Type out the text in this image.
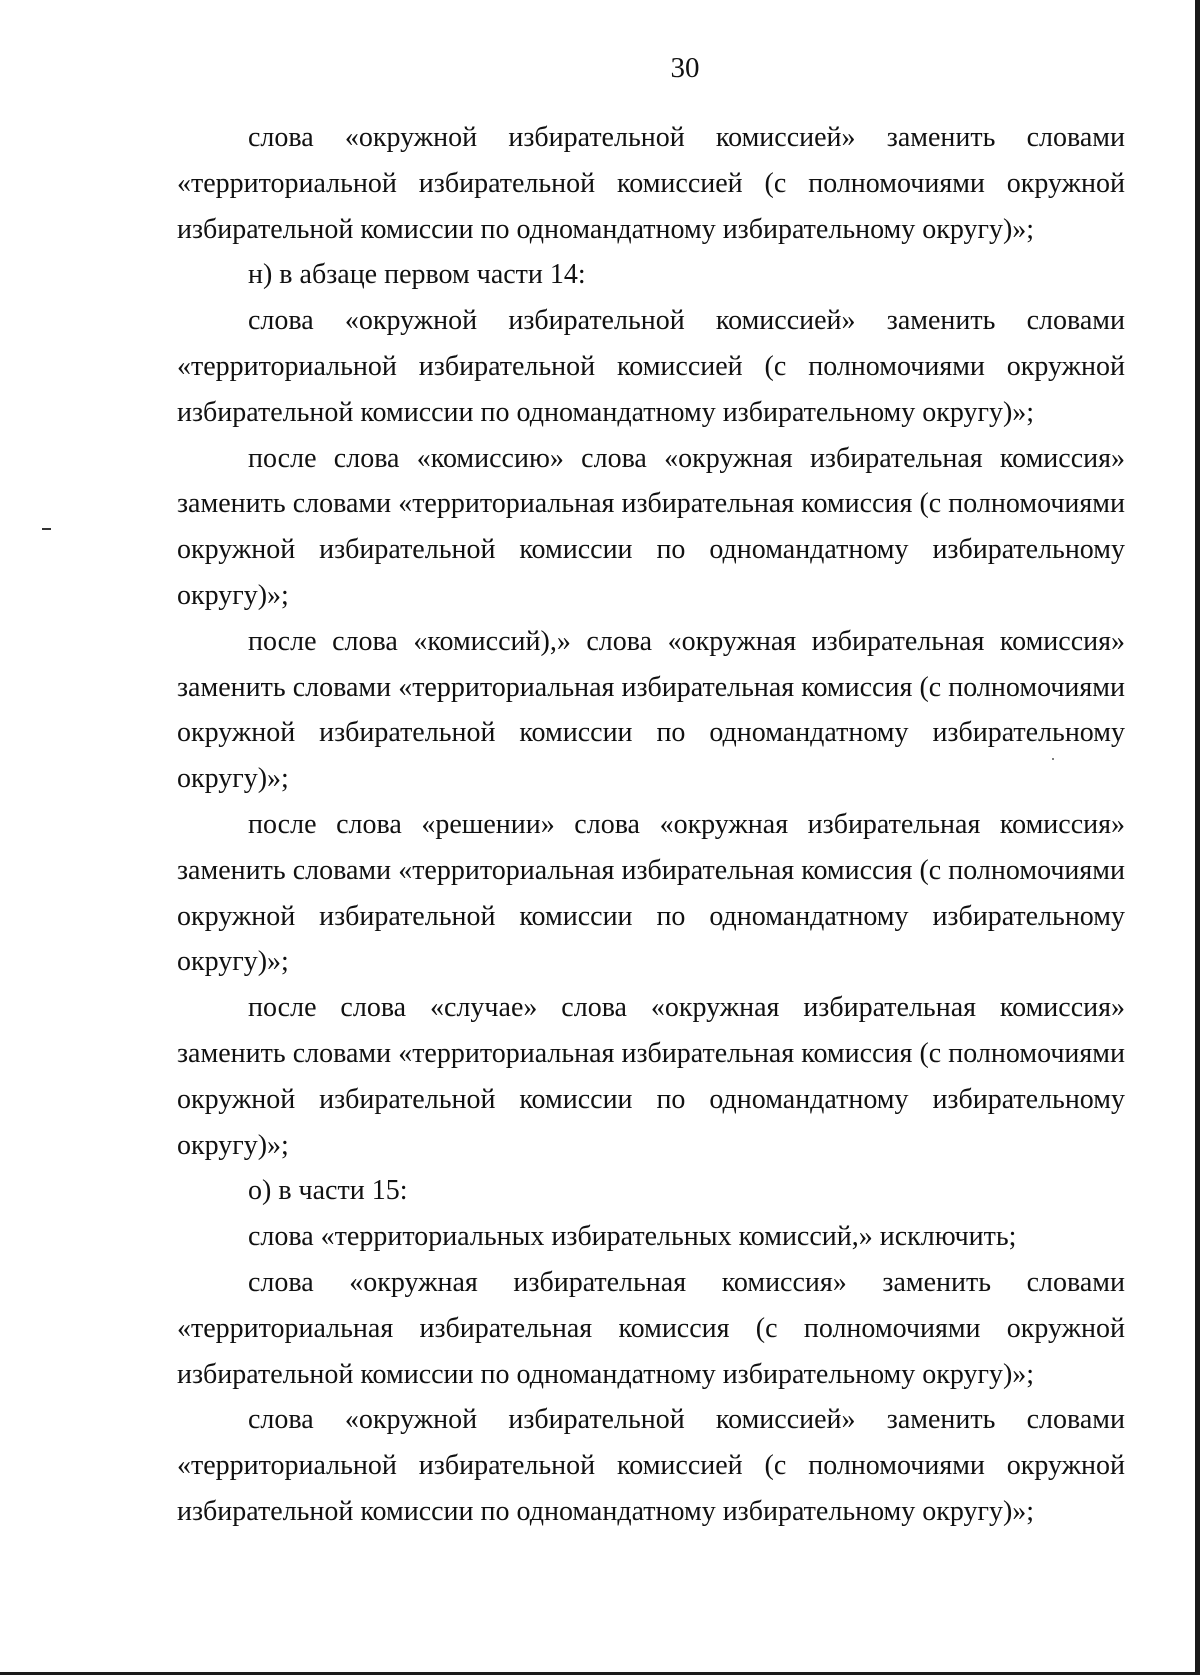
30

слова «окружной избирательной комиссией» заменить словами «территориальной избирательной комиссией (с полномочиями окружной избирательной комиссии по одномандатному избирательному округу)»;

н) в абзаце первом части 14:

слова «окружной избирательной комиссией» заменить словами «территориальной избирательной комиссией (с полномочиями окружной избирательной комиссии по одномандатному избирательному округу)»;

после слова «комиссию» слова «окружная избирательная комиссия» заменить словами «территориальная избирательная комиссия (с полномочиями окружной избирательной комиссии по одномандатному избирательному округу)»;

после слова «комиссий),» слова «окружная избирательная комиссия» заменить словами «территориальная избирательная комиссия (с полномочиями окружной избирательной комиссии по одномандатному избирательному округу)»;

после слова «решении» слова «окружная избирательная комиссия» заменить словами «территориальная избирательная комиссия (с полномочиями окружной избирательной комиссии по одномандатному избирательному округу)»;

после слова «случае» слова «окружная избирательная комиссия» заменить словами «территориальная избирательная комиссия (с полномочиями окружной избирательной комиссии по одномандатному избирательному округу)»;

о) в части 15:

слова «территориальных избирательных комиссий,» исключить;

слова «окружная избирательная комиссия» заменить словами «территориальная избирательная комиссия (с полномочиями окружной избирательной комиссии по одномандатному избирательному округу)»;

слова «окружной избирательной комиссией» заменить словами «территориальной избирательной комиссией (с полномочиями окружной избирательной комиссии по одномандатному избирательному округу)»;
